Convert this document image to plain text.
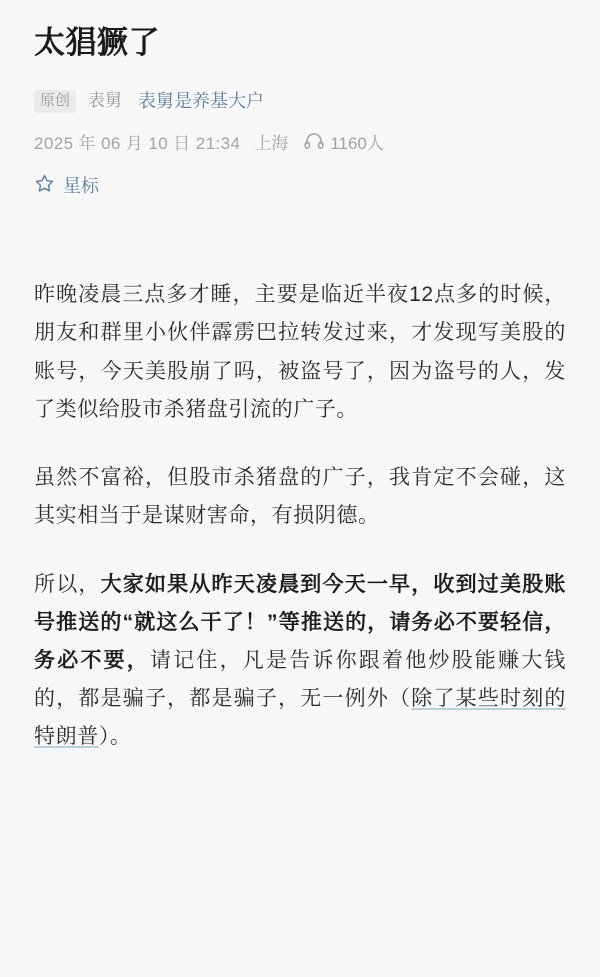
太猖獗了
原创	表舅 表舅是养基大户
2025 年 06 月 10 日 21:34 上海 1160人
星标

昨晚凌晨三点多才睡，主要是临近半夜12点多的时候，朋友和群里小伙伴霹雳巴拉转发过来，才发现写美股的账号，今天美股崩了吗，被盗号了，因为盗号的人，发了类似给股市杀猪盘引流的广子。

虽然不富裕，但股市杀猪盘的广子，我肯定不会碰，这其实相当于是谋财害命，有损阴德。

所以，大家如果从昨天凌晨到今天一早，收到过美股账号推送的“就这么干了！”等推送的，请务必不要轻信，务必不要，请记住，凡是告诉你跟着他炒股能赚大钱的，都是骗子，都是骗子，无一例外（除了某些时刻的特朗普）。
